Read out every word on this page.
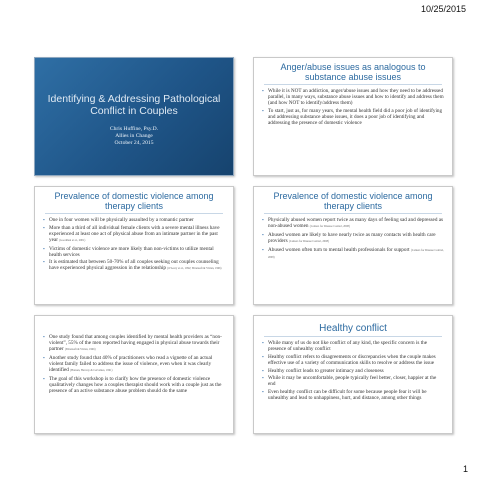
10/25/2015
Identifying & Addressing Pathological Conflict in Couples
Chris Huffine, Psy.D.
Allies in Change
October 24, 2015
Anger/abuse issues as analogous to substance abuse issues
▪ While it is NOT an addiction, anger/abuse issues and how they need to be addressed parallel, in many ways, substance abuse issues and how to identify and address them (and how NOT to identify/address them)
▪ To start, just as, for many years, the mental health field did a poor job of identifying and addressing substance abuse issues, it does a poor job of identifying and addressing the presence of domestic violence
Prevalence of domestic violence among therapy clients
▪ One in four women will be physically assaulted by a romantic partner
▪ More than a third of all individual female clients with a severe mental illness have experienced at least one act of physical abuse from an intimate partner in the past year (Goodman et al., 2001)
▪ Victims of domestic violence are more likely than non-victims to utilize mental health services
▪ It is estimated that between 50-70% of all couples seeking out couples counseling have experienced physical aggression in the relationship (O'Leary et al., 1992; Ehrensaft & Vivian, 1996)
Prevalence of domestic violence among therapy clients
▪ Physically abused women report twice as many days of feeling sad and depressed as non-abused women (Centers for Disease Control, 2008)
▪ Abused women are likely to have nearly twice as many contacts with health care providers (Centers for Disease Control, 2008)
▪ Abused women often turn to mental health professionals for support (Centers for Disease Control, 2008)
▪ One study found that among couples identified by mental health providers as “non-violent”, 55% of the men reported having engaged in physical abuse towards their partner (Ehrensaft & Vivian, 1996)
▪ Another study found that 40% of practitioners who read a vignette of an actual violent family failed to address the issue of violence, even when it was clearly identified (Hansen, Harway & Cervantes, 1991)
▪ The goal of this workshop is to clarify how the presence of domestic violence qualitatively changes how a couples therapist should work with a couple just as the presence of an active substance abuse problem should do the same
Healthy conflict
▪ While many of us do not like conflict of any kind, the specific concern is the presence of unhealthy conflict
▪ Healthy conflict refers to disagreements or discrepancies when the couple makes effective use of a variety of communication skills to resolve or address the issue
▪ Healthy conflict leads to greater intimacy and closeness
▪ While it may be uncomfortable, people typically feel better, closer, happier at the end
▪ Even healthy conflict can be difficult for some because people fear it will be unhealthy and lead to unhappiness, hurt, and distance, among other things
1
